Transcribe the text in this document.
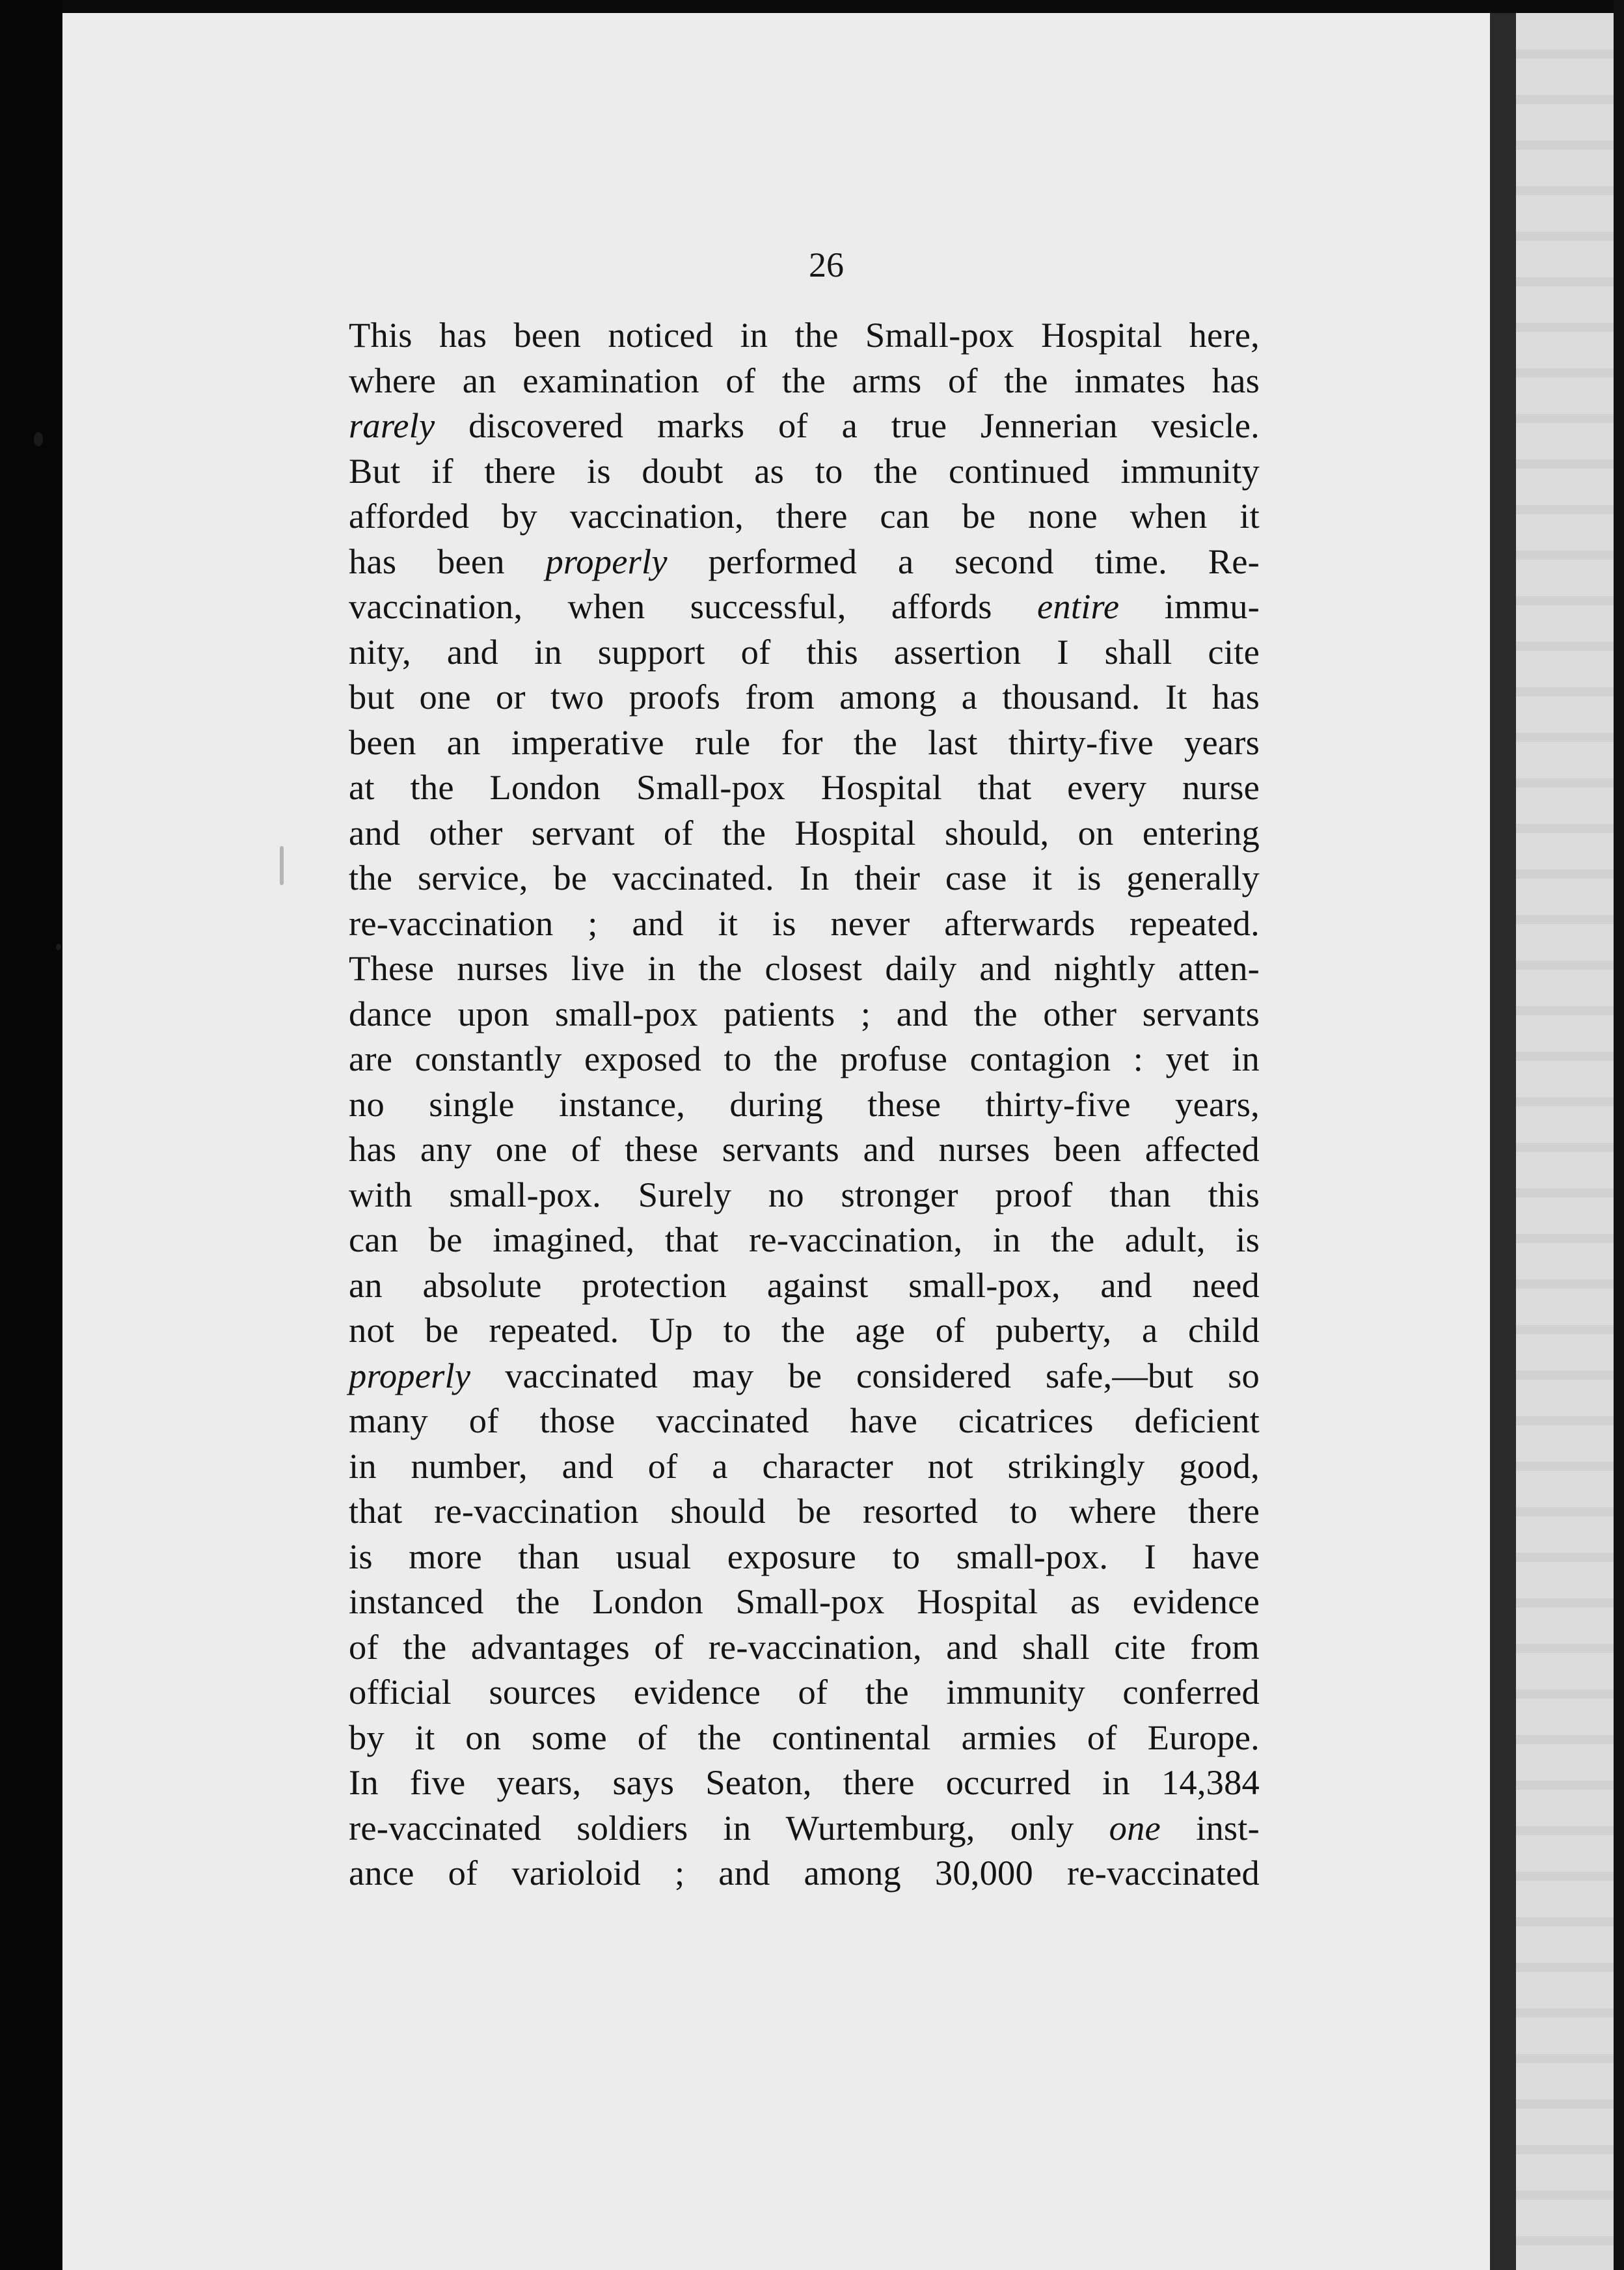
26
This has been noticed in the Small-pox Hospital here,
where an examination of the arms of the inmates has
rarely discovered marks of a true Jennerian vesicle.
But if there is doubt as to the continued immunity
afforded by vaccination, there can be none when it
has been properly performed a second time. Re-
vaccination, when successful, affords entire immu-
nity, and in support of this assertion I shall cite
but one or two proofs from among a thousand. It has
been an imperative rule for the last thirty-five years
at the London Small-pox Hospital that every nurse
and other servant of the Hospital should, on entering
the service, be vaccinated. In their case it is generally
re-vaccination ; and it is never afterwards repeated.
These nurses live in the closest daily and nightly atten-
dance upon small-pox patients ; and the other servants
are constantly exposed to the profuse contagion : yet in
no single instance, during these thirty-five years,
has any one of these servants and nurses been affected
with small-pox. Surely no stronger proof than this
can be imagined, that re-vaccination, in the adult, is
an absolute protection against small-pox, and need
not be repeated. Up to the age of puberty, a child
properly vaccinated may be considered safe,—but so
many of those vaccinated have cicatrices deficient
in number, and of a character not strikingly good,
that re-vaccination should be resorted to where there
is more than usual exposure to small-pox. I have
instanced the London Small-pox Hospital as evidence
of the advantages of re-vaccination, and shall cite from
official sources evidence of the immunity conferred
by it on some of the continental armies of Europe.
In five years, says Seaton, there occurred in 14,384
re-vaccinated soldiers in Wurtemburg, only one inst-
ance of varioloid ; and among 30,000 re-vaccinated
